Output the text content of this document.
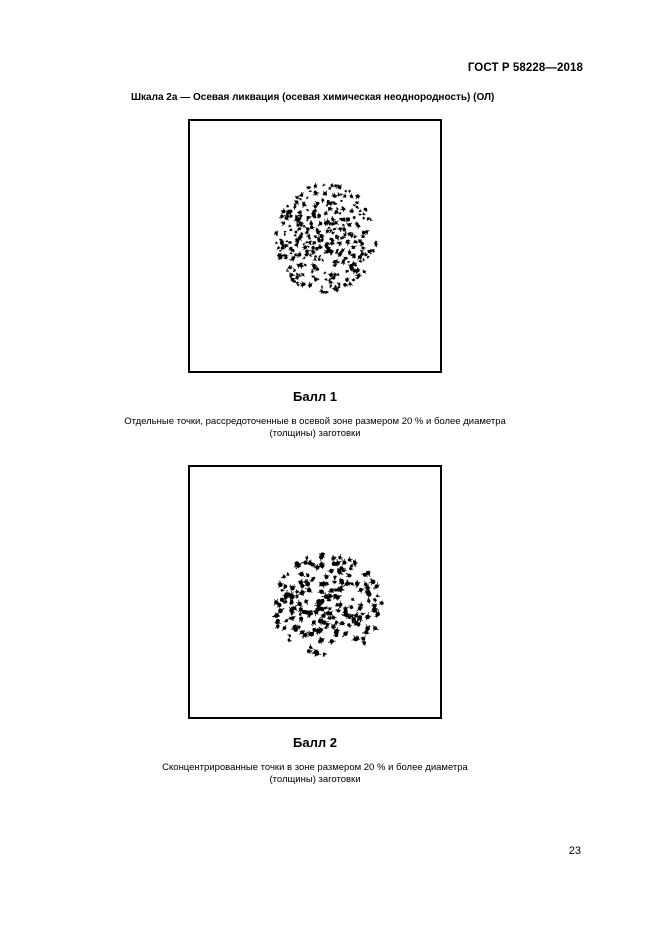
ГОСТ Р 58228—2018
Шкала 2а — Осевая ликвация (осевая химическая неоднородность) (ОЛ)
Балл 1
Отдельные точки, рассредоточенные в осевой зоне размером 20 % и более диаметра
(толщины) заготовки
Балл 2
Сконцентрированные точки в зоне размером 20 % и более диаметра
(толщины) заготовки
23
